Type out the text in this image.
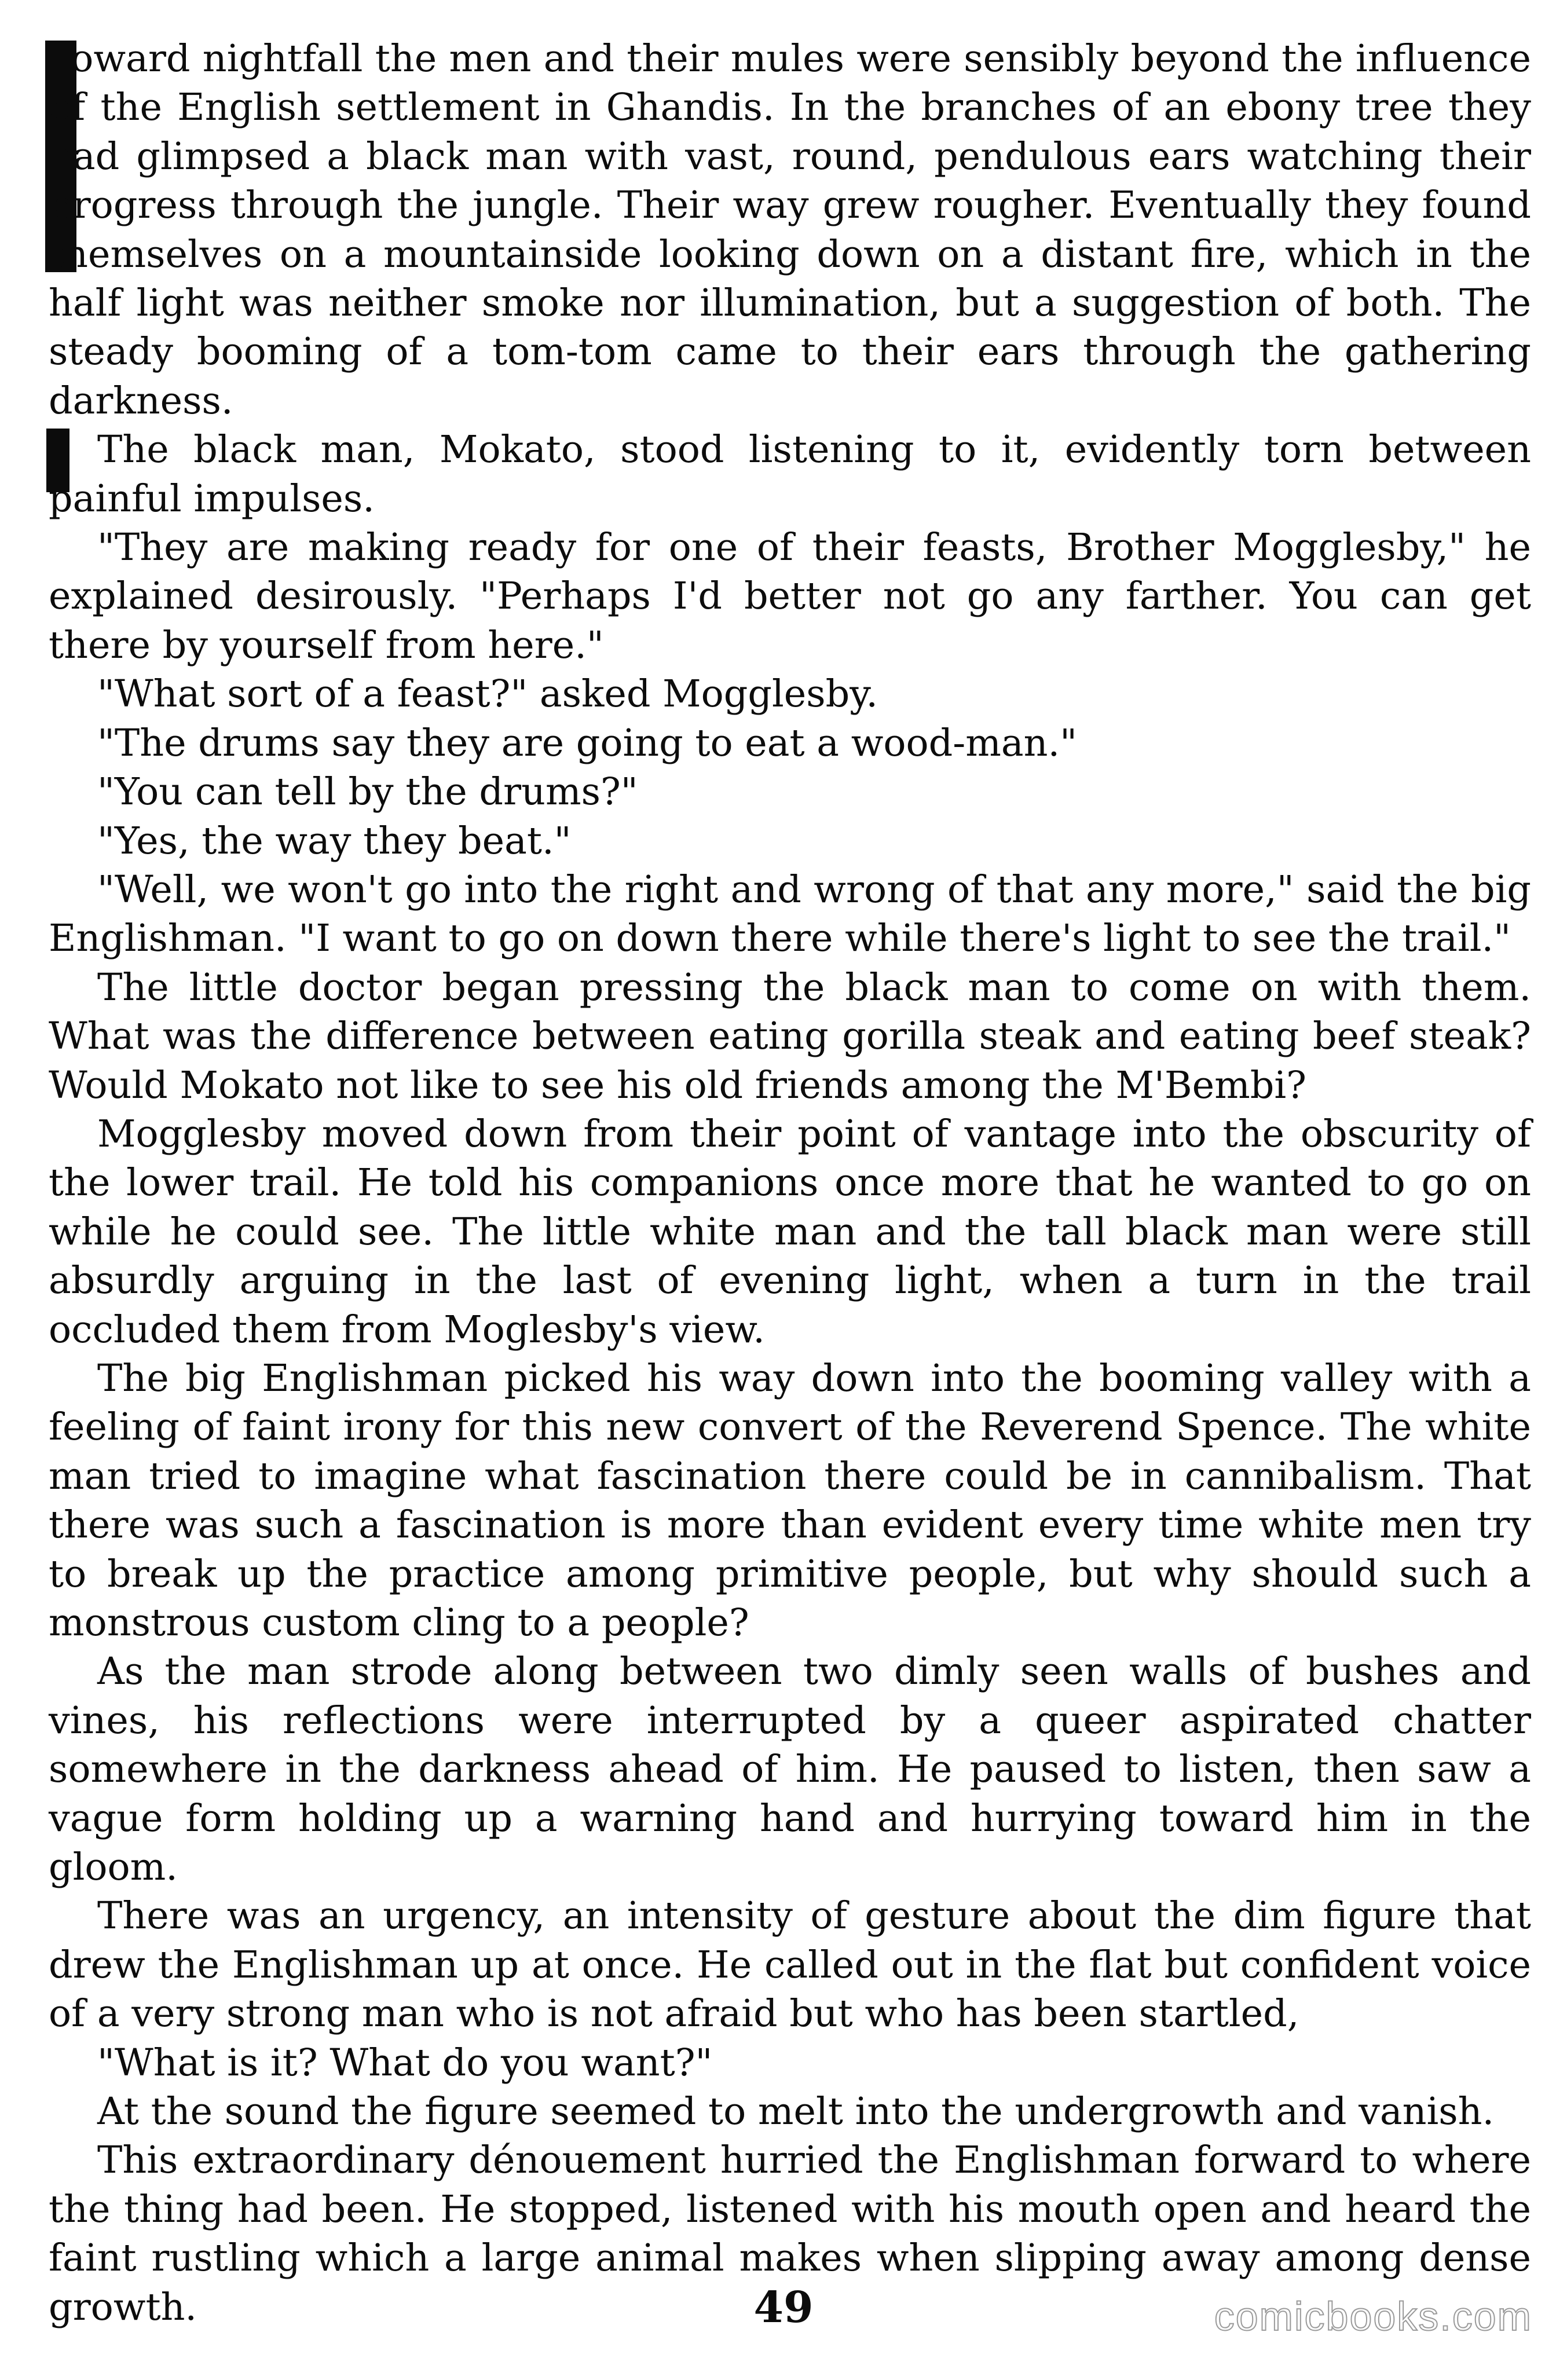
Toward nightfall the men and their mules were sensibly beyond the influence of the English settlement in Ghandis. In the branches of an ebony tree they had glimpsed a black man with vast, round, pendulous ears watching their progress through the jungle. Their way grew rougher. Eventually they found themselves on a mountainside looking down on a distant fire, which in the half light was neither smoke nor illumination, but a suggestion of both. The steady booming of a tom-tom came to their ears through the gathering darkness.

The black man, Mokato, stood listening to it, evidently torn between painful impulses.

"They are making ready for one of their feasts, Brother Mogglesby," he explained desirously. "Perhaps I'd better not go any farther. You can get there by yourself from here."

"What sort of a feast?" asked Mogglesby.

"The drums say they are going to eat a wood-man."

"You can tell by the drums?"

"Yes, the way they beat."

"Well, we won't go into the right and wrong of that any more," said the big Englishman. "I want to go on down there while there's light to see the trail."

The little doctor began pressing the black man to come on with them. What was the difference between eating gorilla steak and eating beef steak? Would Mokato not like to see his old friends among the M'Bembi?

Mogglesby moved down from their point of vantage into the obscurity of the lower trail. He told his companions once more that he wanted to go on while he could see. The little white man and the tall black man were still absurdly arguing in the last of evening light, when a turn in the trail occluded them from Moglesby's view.

The big Englishman picked his way down into the booming valley with a feeling of faint irony for this new convert of the Reverend Spence. The white man tried to imagine what fascination there could be in cannibalism. That there was such a fascination is more than evident every time white men try to break up the practice among primitive people, but why should such a monstrous custom cling to a people?

As the man strode along between two dimly seen walls of bushes and vines, his reflections were interrupted by a queer aspirated chatter somewhere in the darkness ahead of him. He paused to listen, then saw a vague form holding up a warning hand and hurrying toward him in the gloom.

There was an urgency, an intensity of gesture about the dim figure that drew the Englishman up at once. He called out in the flat but confident voice of a very strong man who is not afraid but who has been startled,

"What is it? What do you want?"

At the sound the figure seemed to melt into the undergrowth and vanish.

This extraordinary dénouement hurried the Englishman forward to where the thing had been. He stopped, listened with his mouth open and heard the faint rustling which a large animal makes when slipping away among dense growth.	49	comicbooks.com
